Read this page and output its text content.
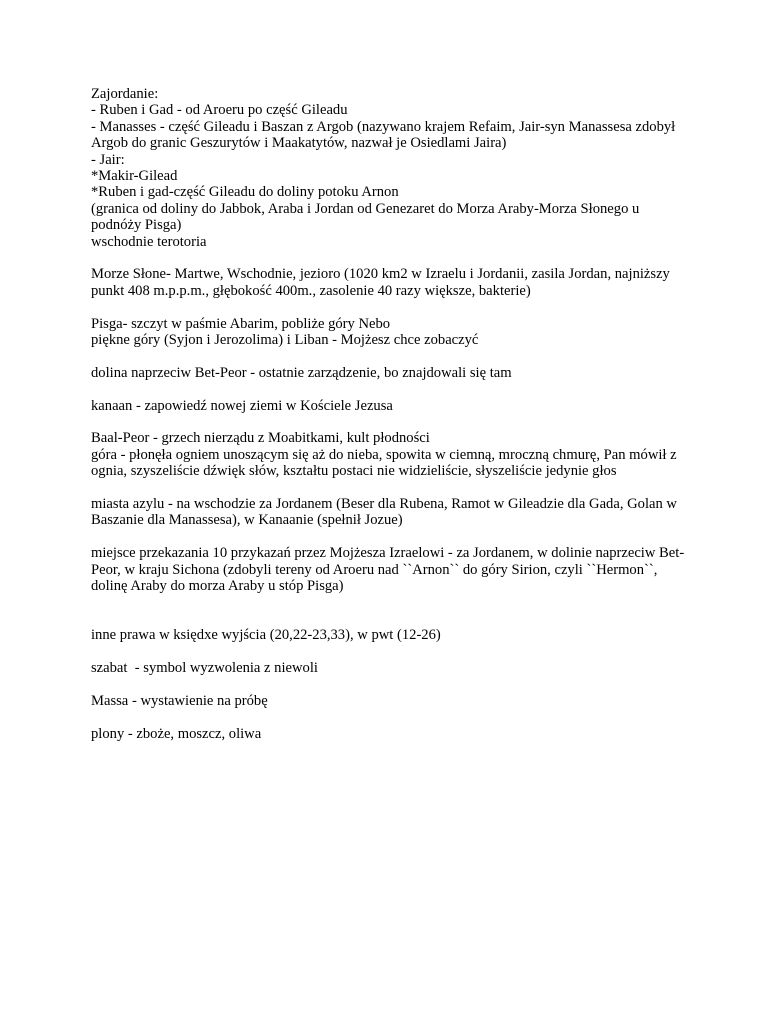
Zajordanie:

- Ruben i Gad - od Aroeru po część Gileadu

- Manasses - część Gileadu i Baszan z Argob (nazywano krajem Refaim, Jair-syn Manassesa zdobył Argob do granic Geszurytów i Maakatytów, nazwał je Osiedlami Jaira)

- Jair:

*Makir-Gilead

*Ruben i gad-część Gileadu do doliny potoku Arnon

(granica od doliny do Jabbok, Araba i Jordan od Genezaret do Morza Araby-Morza Słonego u podnóży Pisga)

wschodnie terotoria

Morze Słone- Martwe, Wschodnie, jezioro (1020 km2 w Izraelu i Jordanii, zasila Jordan, najniższy punkt 408 m.p.p.m., głębokość 400m., zasolenie 40 razy większe, bakterie)

Pisga- szczyt w paśmie Abarim, pobliże góry Nebo

piękne góry (Syjon i Jerozolima) i Liban - Mojżesz chce zobaczyć

dolina naprzeciw Bet-Peor - ostatnie zarządzenie, bo znajdowali się tam

kanaan - zapowiedź nowej ziemi w Kościele Jezusa

Baal-Peor - grzech nierządu z Moabitkami, kult płodności

góra - płonęła ogniem unoszącym się aż do nieba, spowita w ciemną, mroczną chmurę, Pan mówił z ognia, szyszeliście dźwięk słów, kształtu postaci nie widzieliście, słyszeliście jedynie głos

miasta azylu - na wschodzie za Jordanem (Beser dla Rubena, Ramot w Gileadzie dla Gada, Golan w Baszanie dla Manassesa), w Kanaanie (spełnił Jozue)

miejsce przekazania 10 przykazań przez Mojżesza Izraelowi - za Jordanem, w dolinie naprzeciw Bet-Peor, w kraju Sichona (zdobyli tereny od Aroeru nad ``Arnon`` do góry Sirion, czyli ``Hermon``, dolinę Araby do morza Araby u stóp Pisga)

inne prawa w księdxe wyjścia (20,22-23,33), w pwt (12-26)

szabat  - symbol wyzwolenia z niewoli

Massa - wystawienie na próbę

plony - zboże, moszcz, oliwa
